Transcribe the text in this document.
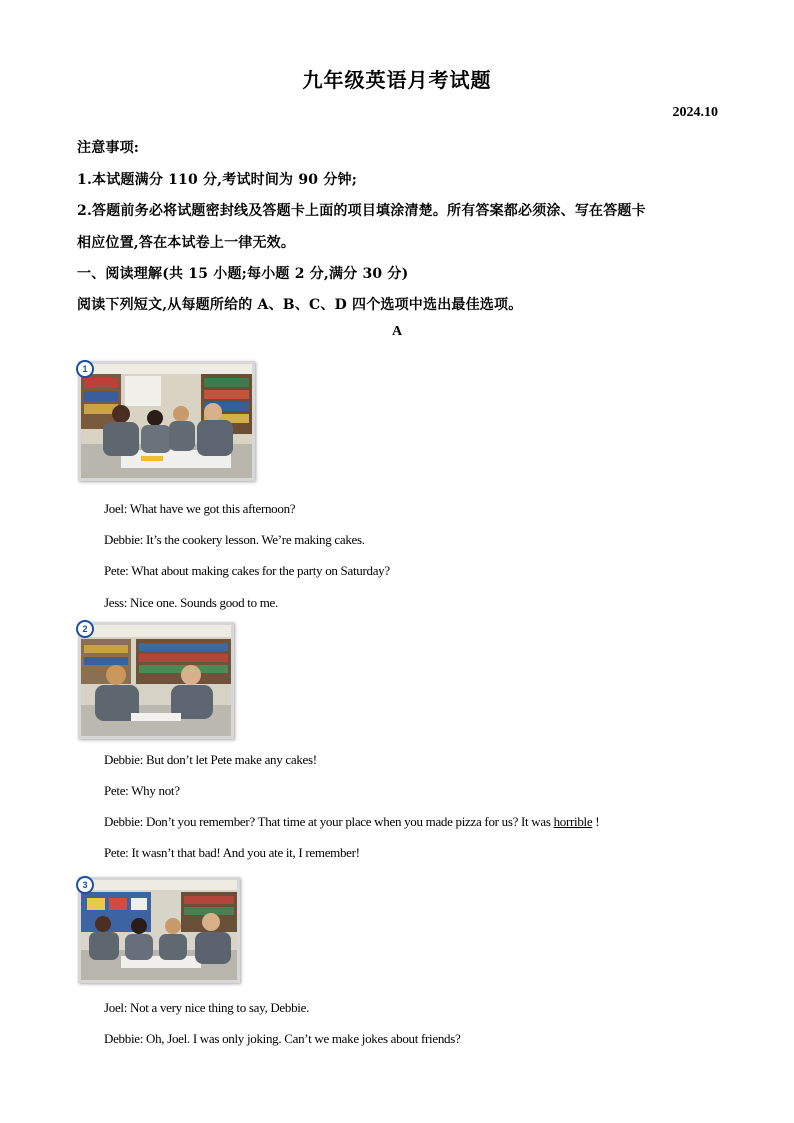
九年级英语月考试题
2024.10
注意事项:
1.本试题满分 110 分,考试时间为 90 分钟;
2.答题前务必将试题密封线及答题卡上面的项目填涂清楚。所有答案都必须涂、写在答题卡
相应位置,答在本试卷上一律无效。
一、阅读理解(共 15 小题;每小题 2 分,满分 30 分)
阅读下列短文,从每题所给的 A、B、C、D 四个选项中选出最佳选项。
A
1
Joel: What have we got this afternoon?
Debbie: It’s the cookery lesson. We’re making cakes.
Pete: What about making cakes for the party on Saturday?
Jess: Nice one. Sounds good to me.
2
Debbie: But don’t let Pete make any cakes!
Pete: Why not?
Debbie: Don’t you remember? That time at your place when you made pizza for us? It was horrible !
Pete: It wasn’t that bad! And you ate it, I remember!
3
Joel: Not a very nice thing to say, Debbie.
Debbie: Oh, Joel. I was only joking. Can’t we make jokes about friends?
